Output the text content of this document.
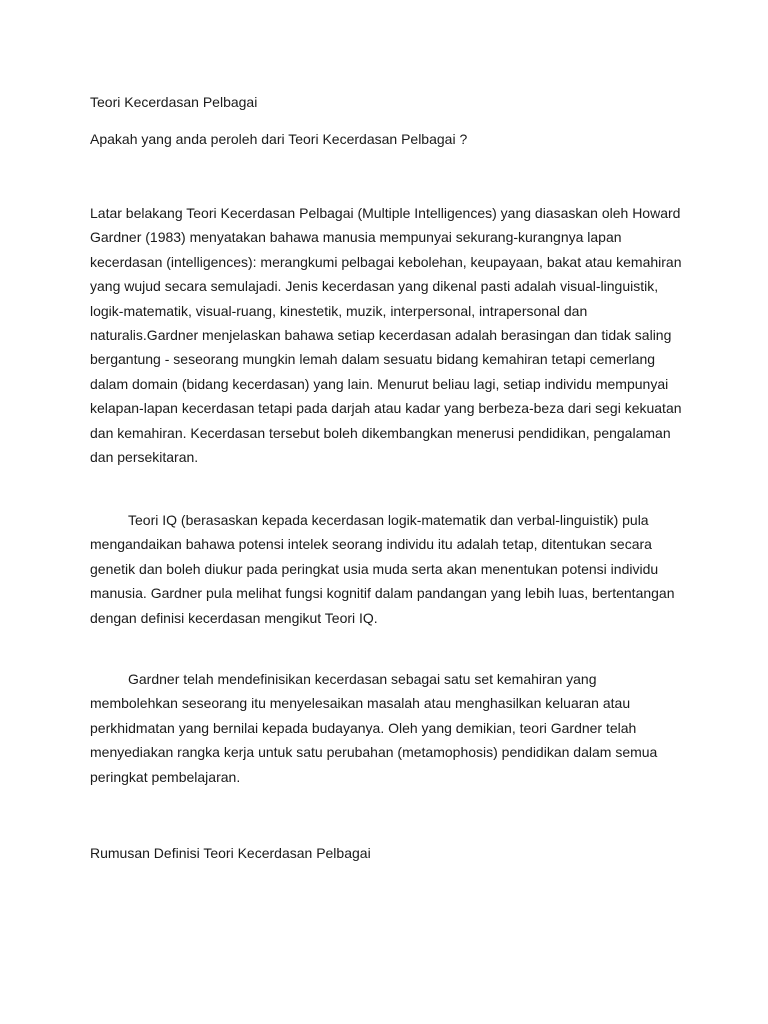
Teori Kecerdasan Pelbagai

Apakah yang anda peroleh dari Teori Kecerdasan Pelbagai ?

Latar belakang Teori Kecerdasan Pelbagai (Multiple Intelligences) yang diasaskan oleh Howard
Gardner (1983) menyatakan bahawa manusia mempunyai sekurang-kurangnya lapan
kecerdasan (intelligences): merangkumi pelbagai kebolehan, keupayaan, bakat atau kemahiran
yang wujud secara semulajadi. Jenis kecerdasan yang dikenal pasti adalah visual-linguistik,
logik-matematik, visual-ruang, kinestetik, muzik, interpersonal, intrapersonal dan
naturalis.Gardner menjelaskan bahawa setiap kecerdasan adalah berasingan dan tidak saling
bergantung - seseorang mungkin lemah dalam sesuatu bidang kemahiran tetapi cemerlang
dalam domain (bidang kecerdasan) yang lain. Menurut beliau lagi, setiap individu mempunyai
kelapan-lapan kecerdasan tetapi pada darjah atau kadar yang berbeza-beza dari segi kekuatan
dan kemahiran. Kecerdasan tersebut boleh dikembangkan menerusi pendidikan, pengalaman
dan persekitaran.

Teori IQ (berasaskan kepada kecerdasan logik-matematik dan verbal-linguistik) pula
mengandaikan bahawa potensi intelek seorang individu itu adalah tetap, ditentukan secara
genetik dan boleh diukur pada peringkat usia muda serta akan menentukan potensi individu
manusia. Gardner pula melihat fungsi kognitif dalam pandangan yang lebih luas, bertentangan
dengan definisi kecerdasan mengikut Teori IQ.

Gardner telah mendefinisikan kecerdasan sebagai satu set kemahiran yang
membolehkan seseorang itu menyelesaikan masalah atau menghasilkan keluaran atau
perkhidmatan yang bernilai kepada budayanya. Oleh yang demikian, teori Gardner telah
menyediakan rangka kerja untuk satu perubahan (metamophosis) pendidikan dalam semua
peringkat pembelajaran.

Rumusan Definisi Teori Kecerdasan Pelbagai
